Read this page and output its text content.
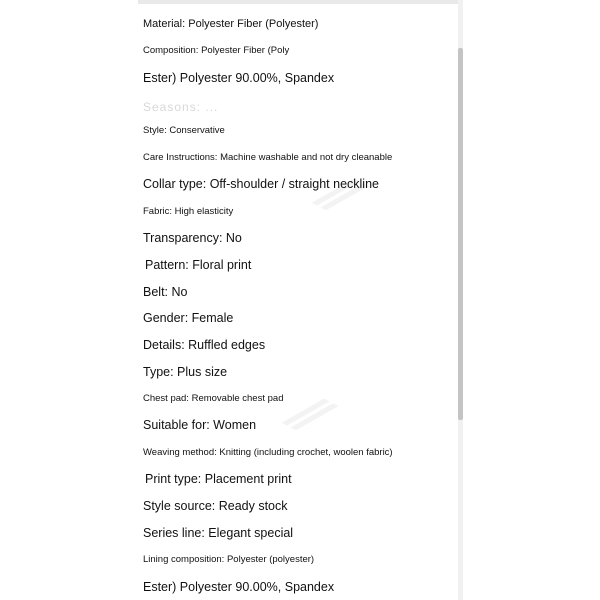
⁄⁄
⁄⁄
Seasons: ...
Material: Polyester Fiber (Polyester)
Composition: Polyester Fiber (Poly
Ester) Polyester 90.00%, Spandex
Style: Conservative
Care Instructions: Machine washable and not dry cleanable
Collar type: Off-shoulder / straight neckline
Fabric: High elasticity
Transparency: No
Pattern: Floral print
Belt: No
Gender: Female
Details: Ruffled edges
Type: Plus size
Chest pad: Removable chest pad
Suitable for: Women
Weaving method: Knitting (including crochet, woolen fabric)
Print type: Placement print
Style source: Ready stock
Series line: Elegant special
Lining composition: Polyester (polyester)
Ester) Polyester 90.00%, Spandex
